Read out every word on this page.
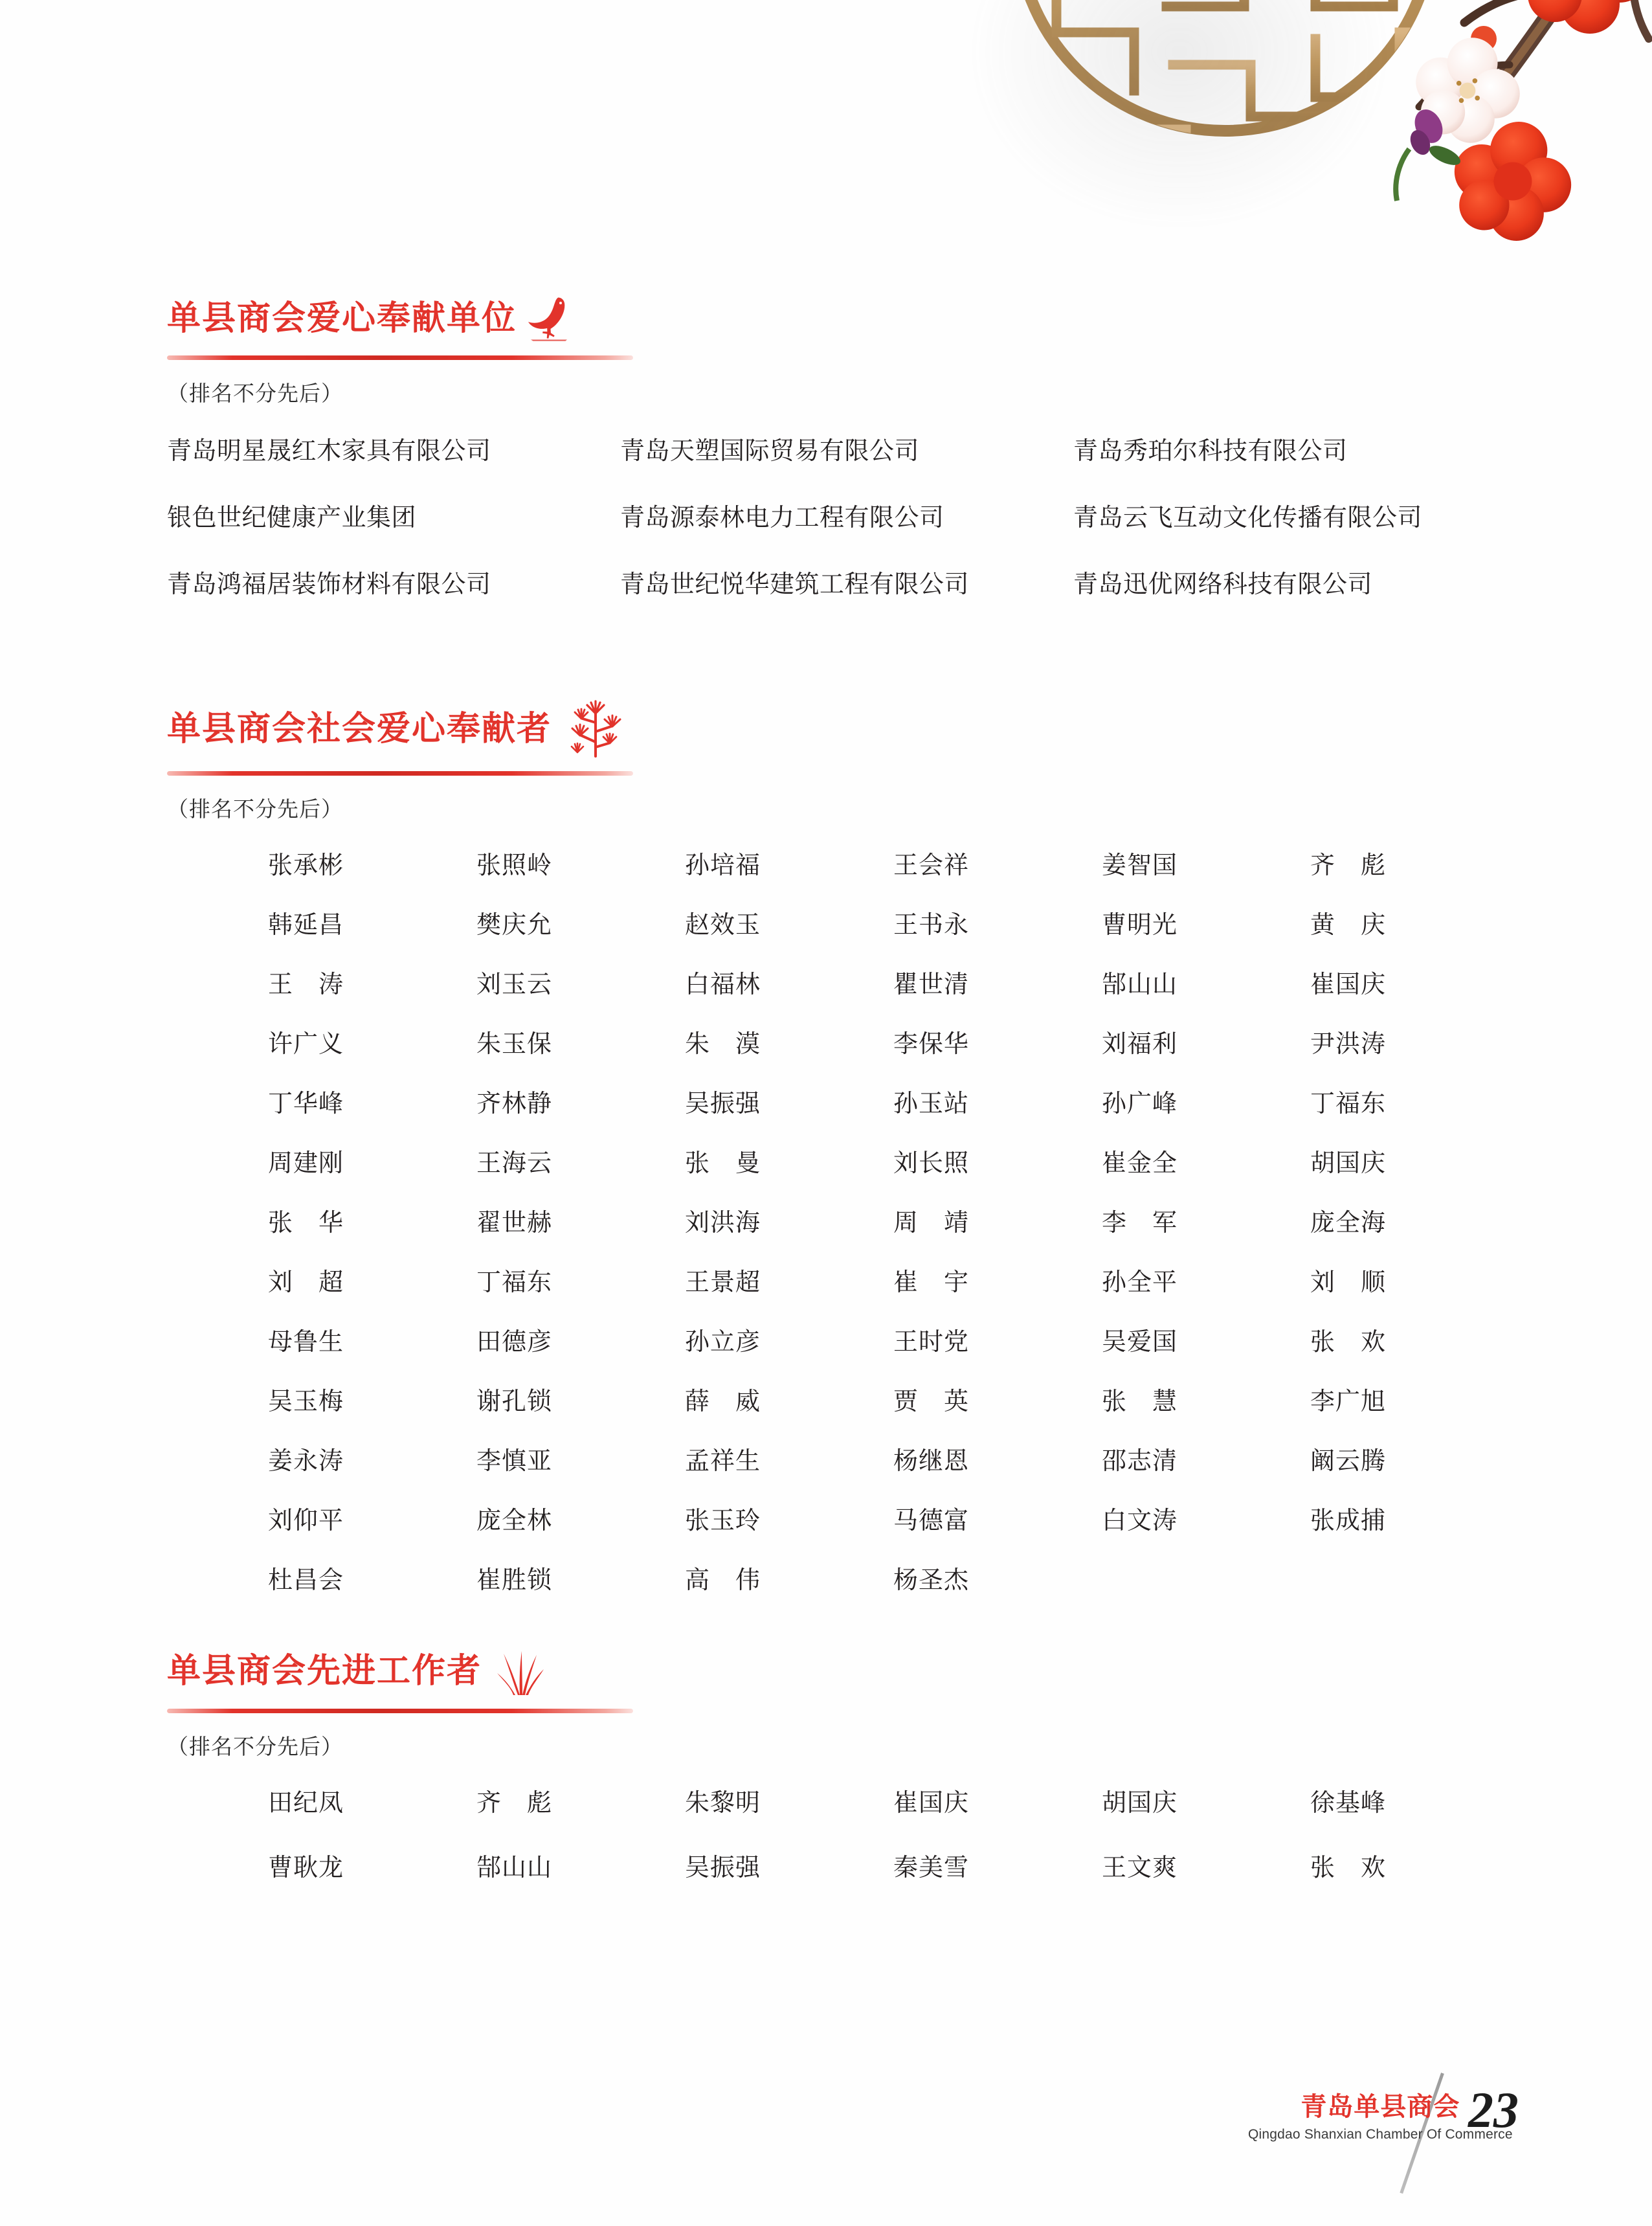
单县商会爱心奉献单位
（排名不分先后）
青岛明星晟红木家具有限公司	青岛天塑国际贸易有限公司	青岛秀珀尔科技有限公司
银色世纪健康产业集团	青岛源泰林电力工程有限公司	青岛云飞互动文化传播有限公司
青岛鸿福居装饰材料有限公司	青岛世纪悦华建筑工程有限公司	青岛迅优网络科技有限公司
单县商会社会爱心奉献者
（排名不分先后）
张承彬	张照岭	孙培福	王会祥	姜智国	齐　彪
韩延昌	樊庆允	赵效玉	王书永	曹明光	黄　庆
王　涛	刘玉云	白福林	瞿世清	郜山山	崔国庆
许广义	朱玉保	朱　漠	李保华	刘福利	尹洪涛
丁华峰	齐林静	吴振强	孙玉站	孙广峰	丁福东
周建刚	王海云	张　曼	刘长照	崔金全	胡国庆
张　华	翟世赫	刘洪海	周　靖	李　军	庞全海
刘　超	丁福东	王景超	崔　宇	孙全平	刘　顺
母鲁生	田德彦	孙立彦	王时党	吴爱国	张　欢
吴玉梅	谢孔锁	薛　威	贾　英	张　慧	李广旭
姜永涛	李慎亚	孟祥生	杨继恩	邵志清	阚云腾
刘仰平	庞全林	张玉玲	马德富	白文涛	张成捕
杜昌会	崔胜锁	高　伟	杨圣杰
单县商会先进工作者
（排名不分先后）
田纪凤	齐　彪	朱黎明	崔国庆	胡国庆	徐基峰
曹耿龙	郜山山	吴振强	秦美雪	王文爽	张　欢
青岛单县商会
Qingdao Shanxian Chamber Of Commerce
23
